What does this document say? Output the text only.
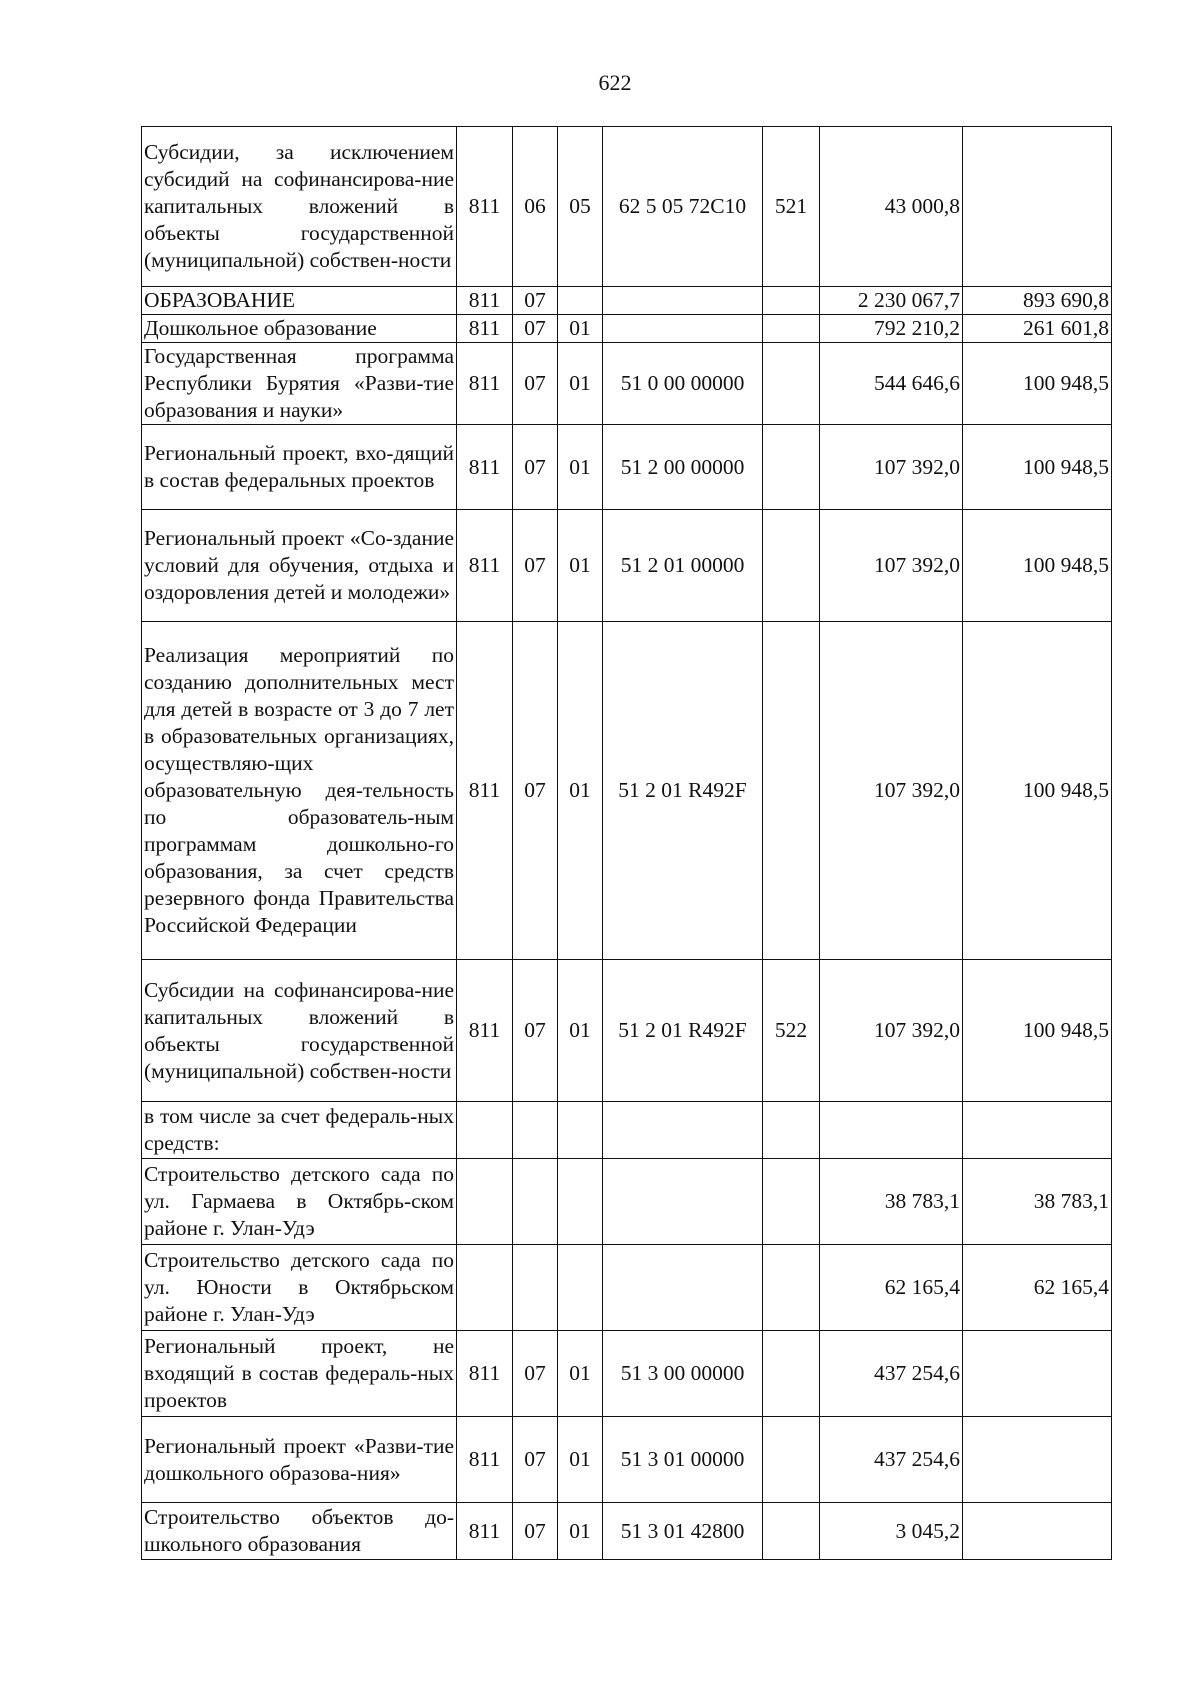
622
Субсидии, за исключением субсидий на софинансирова-ние капитальных вложений в объекты государственной (муниципальной) собствен-ности	811	06	05	62 5 05 72С10	521	43 000,8	
ОБРАЗОВАНИЕ	811	07				2 230 067,7	893 690,8
Дошкольное образование	811	07	01			792 210,2	261 601,8
Государственная программа Республики Бурятия «Разви-тие образования и науки»	811	07	01	51 0 00 00000		544 646,6	100 948,5
Региональный проект, вхо-дящий в состав федеральных проектов	811	07	01	51 2 00 00000		107 392,0	100 948,5
Региональный проект «Со-здание условий для обучения, отдыха и оздоровления детей и молодежи»	811	07	01	51 2 01 00000		107 392,0	100 948,5
Реализация мероприятий по созданию дополнительных мест для детей в возрасте от 3 до 7 лет в образовательных организациях, осуществляю-щих образовательную дея-тельность по образователь-ным программам дошкольно-го образования, за счет средств резервного фонда Правительства Российской Федерации	811	07	01	51 2 01 R492F		107 392,0	100 948,5
Субсидии на софинансирова-ние капитальных вложений в объекты государственной (муниципальной) собствен-ности	811	07	01	51 2 01 R492F	522	107 392,0	100 948,5
в том числе за счет федераль-ных средств:							
Строительство детского сада по ул. Гармаева в Октябрь-ском районе г. Улан-Удэ						38 783,1	38 783,1
Строительство детского сада по ул. Юности в Октябрьском районе г. Улан-Удэ						62 165,4	62 165,4
Региональный проект, не входящий в состав федераль-ных проектов	811	07	01	51 3 00 00000		437 254,6	
Региональный проект «Разви-тие дошкольного образова-ния»	811	07	01	51 3 01 00000		437 254,6	
Строительство объектов до-школьного образования	811	07	01	51 3 01 42800		3 045,2	
